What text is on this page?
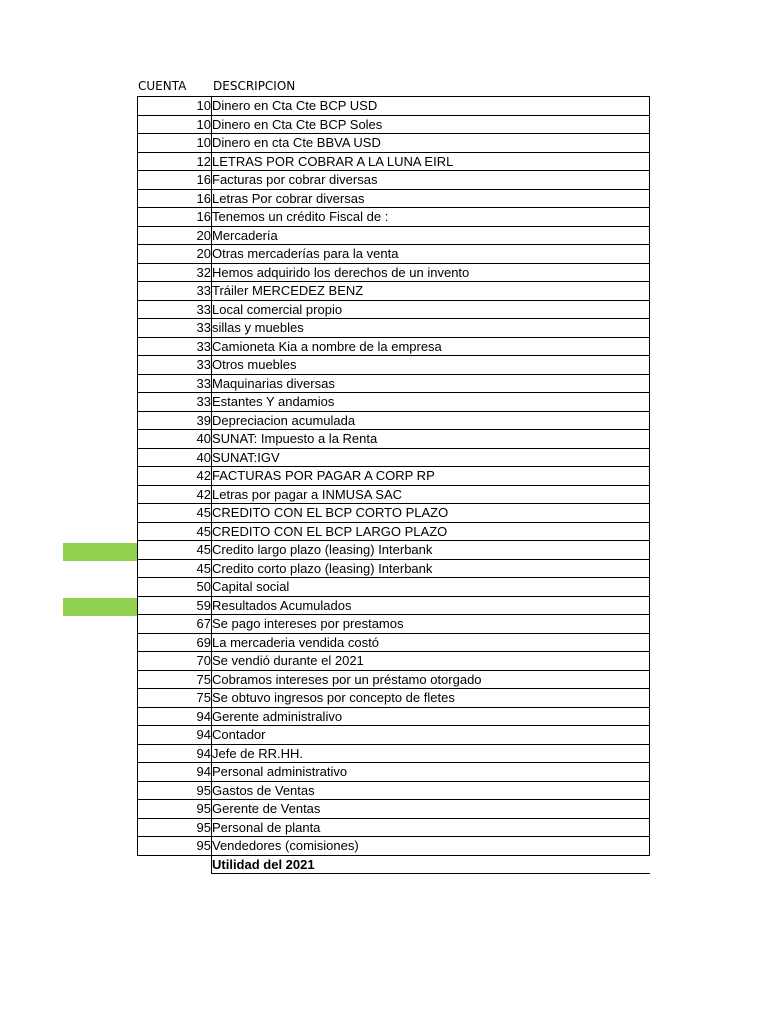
CUENTA DESCRIPCION
10	Dinero en Cta Cte BCP USD
10	Dinero en Cta Cte BCP Soles
10	Dinero en cta Cte BBVA USD
12	LETRAS POR COBRAR A LA LUNA EIRL
16	Facturas por cobrar diversas
16	Letras Por cobrar diversas
16	Tenemos un crédito Fiscal de :
20	Mercadería
20	Otras mercaderías para la venta
32	Hemos adquirido los derechos de un invento
33	Tráiler MERCEDEZ BENZ
33	Local comercial propio
33	sillas y muebles
33	Camioneta Kia a nombre de la empresa
33	Otros muebles
33	Maquinarias diversas
33	Estantes Y andamios
39	Depreciacion acumulada
40	SUNAT: Impuesto a la Renta
40	SUNAT:IGV
42	FACTURAS POR PAGAR A CORP RP
42	Letras por pagar a INMUSA SAC
45	CREDITO CON EL BCP CORTO PLAZO
45	CREDITO CON EL BCP LARGO PLAZO
45	Credito largo plazo (leasing) Interbank
45	Credito corto plazo (leasing) Interbank
50	Capital social
59	Resultados Acumulados
67	Se pago intereses por prestamos
69	La mercaderia vendida costó
70	Se vendió durante el 2021
75	Cobramos intereses por un préstamo otorgado
75	Se obtuvo ingresos por concepto de fletes
94	Gerente administralivo
94	Contador
94	Jefe de RR.HH.
94	Personal administrativo
95	Gastos de Ventas
95	Gerente de Ventas
95	Personal de planta
95	Vendedores (comisiones)
	Utilidad del 2021
